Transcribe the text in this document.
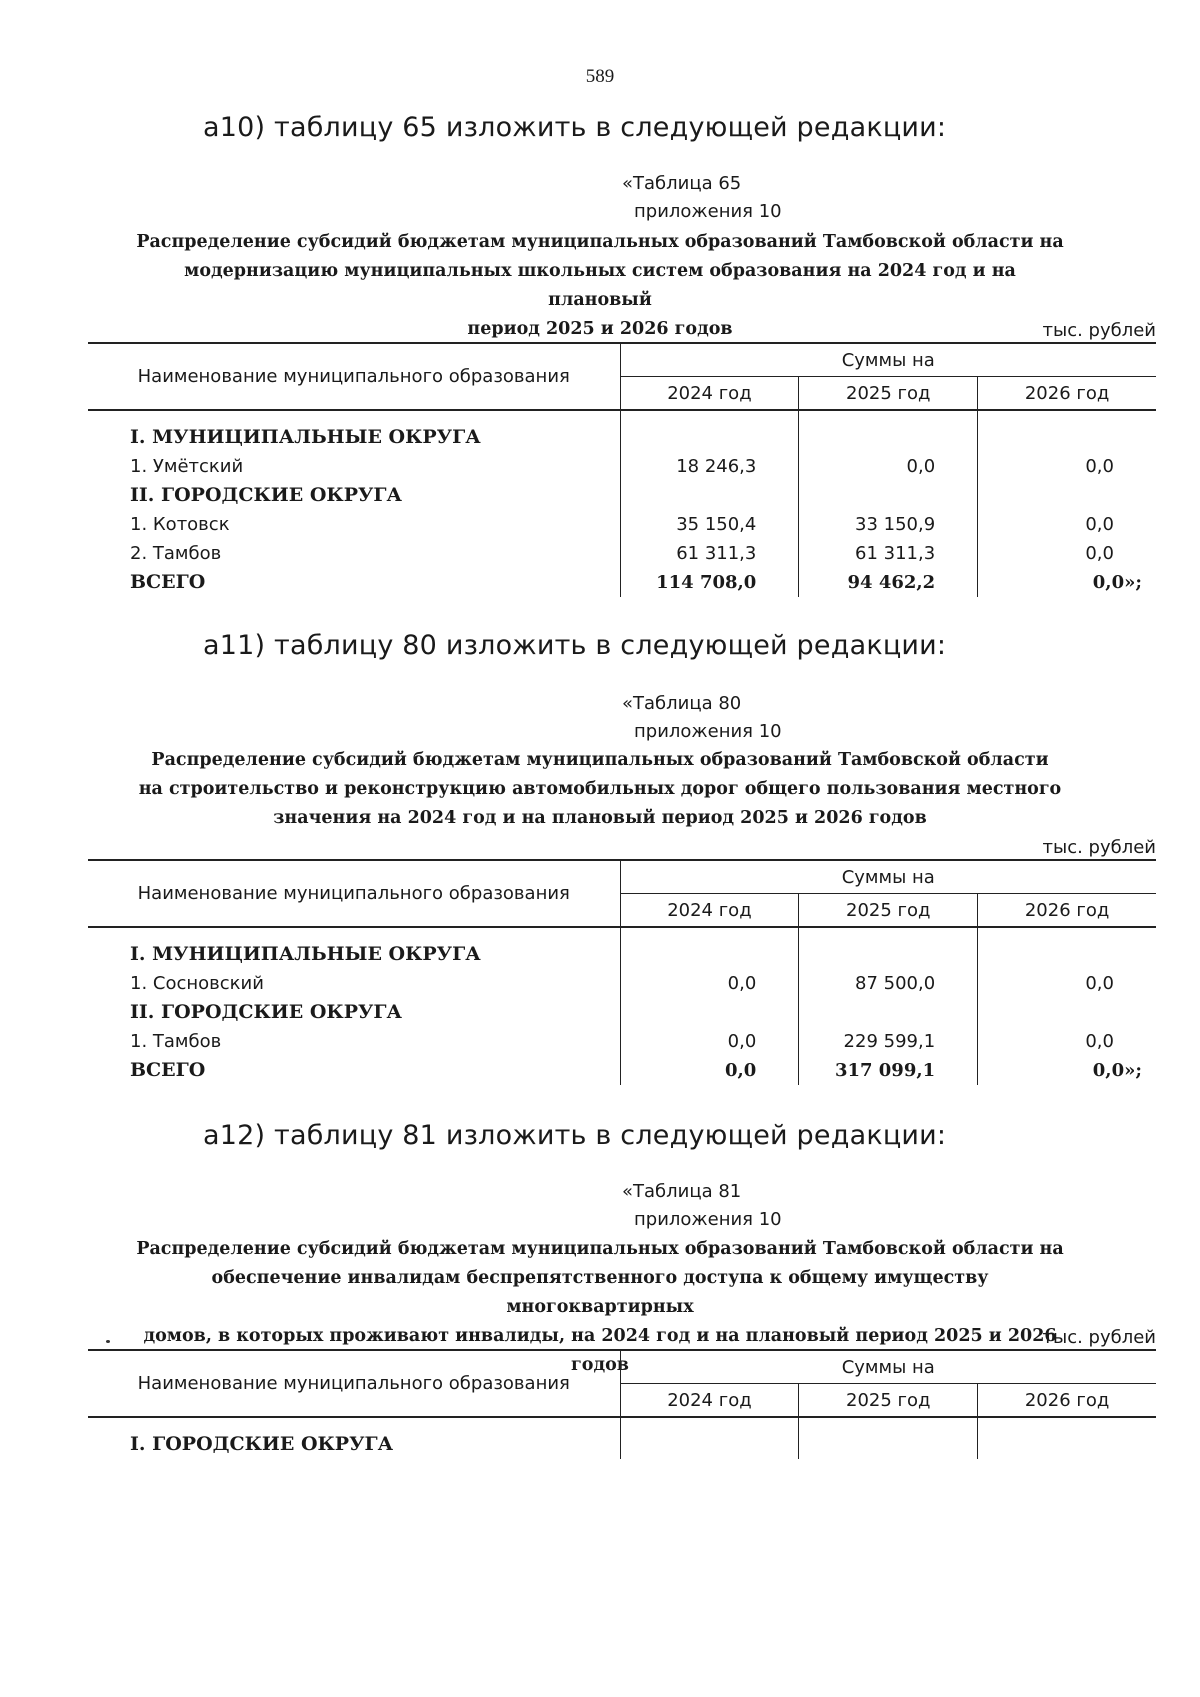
589
а10) таблицу 65 изложить в следующей редакции:
«Таблица 65
приложения 10
Распределение субсидий бюджетам муниципальных образований Тамбовской области на
модернизацию муниципальных школьных систем образования на 2024 год и на плановый
период 2025 и 2026 годов	тыс. рублей
Наименование муниципального образования	Суммы на		
	2024 год	2025 год	2026 год
I. МУНИЦИПАЛЬНЫЕ ОКРУГА			
1. Умётский	18 246,3	0,0	0,0
II. ГОРОДСКИЕ ОКРУГА			
1. Котовск	35 150,4	33 150,9	0,0
2. Тамбов	61 311,3	61 311,3	0,0
ВСЕГО	114 708,0	94 462,2	0,0»;
а11) таблицу 80 изложить в следующей редакции:
«Таблица 80
приложения 10
Распределение субсидий бюджетам муниципальных образований Тамбовской области
на строительство и реконструкцию автомобильных дорог общего пользования местного
значения на 2024 год и на плановый период 2025 и 2026 годов
тыс. рублей
Наименование муниципального образования	Суммы на		
	2024 год	2025 год	2026 год
I. МУНИЦИПАЛЬНЫЕ ОКРУГА			
1. Сосновский	0,0	87 500,0	0,0
II. ГОРОДСКИЕ ОКРУГА			
1. Тамбов	0,0	229 599,1	0,0
ВСЕГО	0,0	317 099,1	0,0»;
а12) таблицу 81 изложить в следующей редакции:
«Таблица 81
приложения 10
Распределение субсидий бюджетам муниципальных образований Тамбовской области на
обеспечение инвалидам беспрепятственного доступа к общему имуществу многоквартирных
домов, в которых проживают инвалиды, на 2024 год и на плановый период 2025 и 2026 годов
тыс. рублей
Наименование муниципального образования	Суммы на		
	2024 год	2025 год	2026 год
I. ГОРОДСКИЕ ОКРУГА			
